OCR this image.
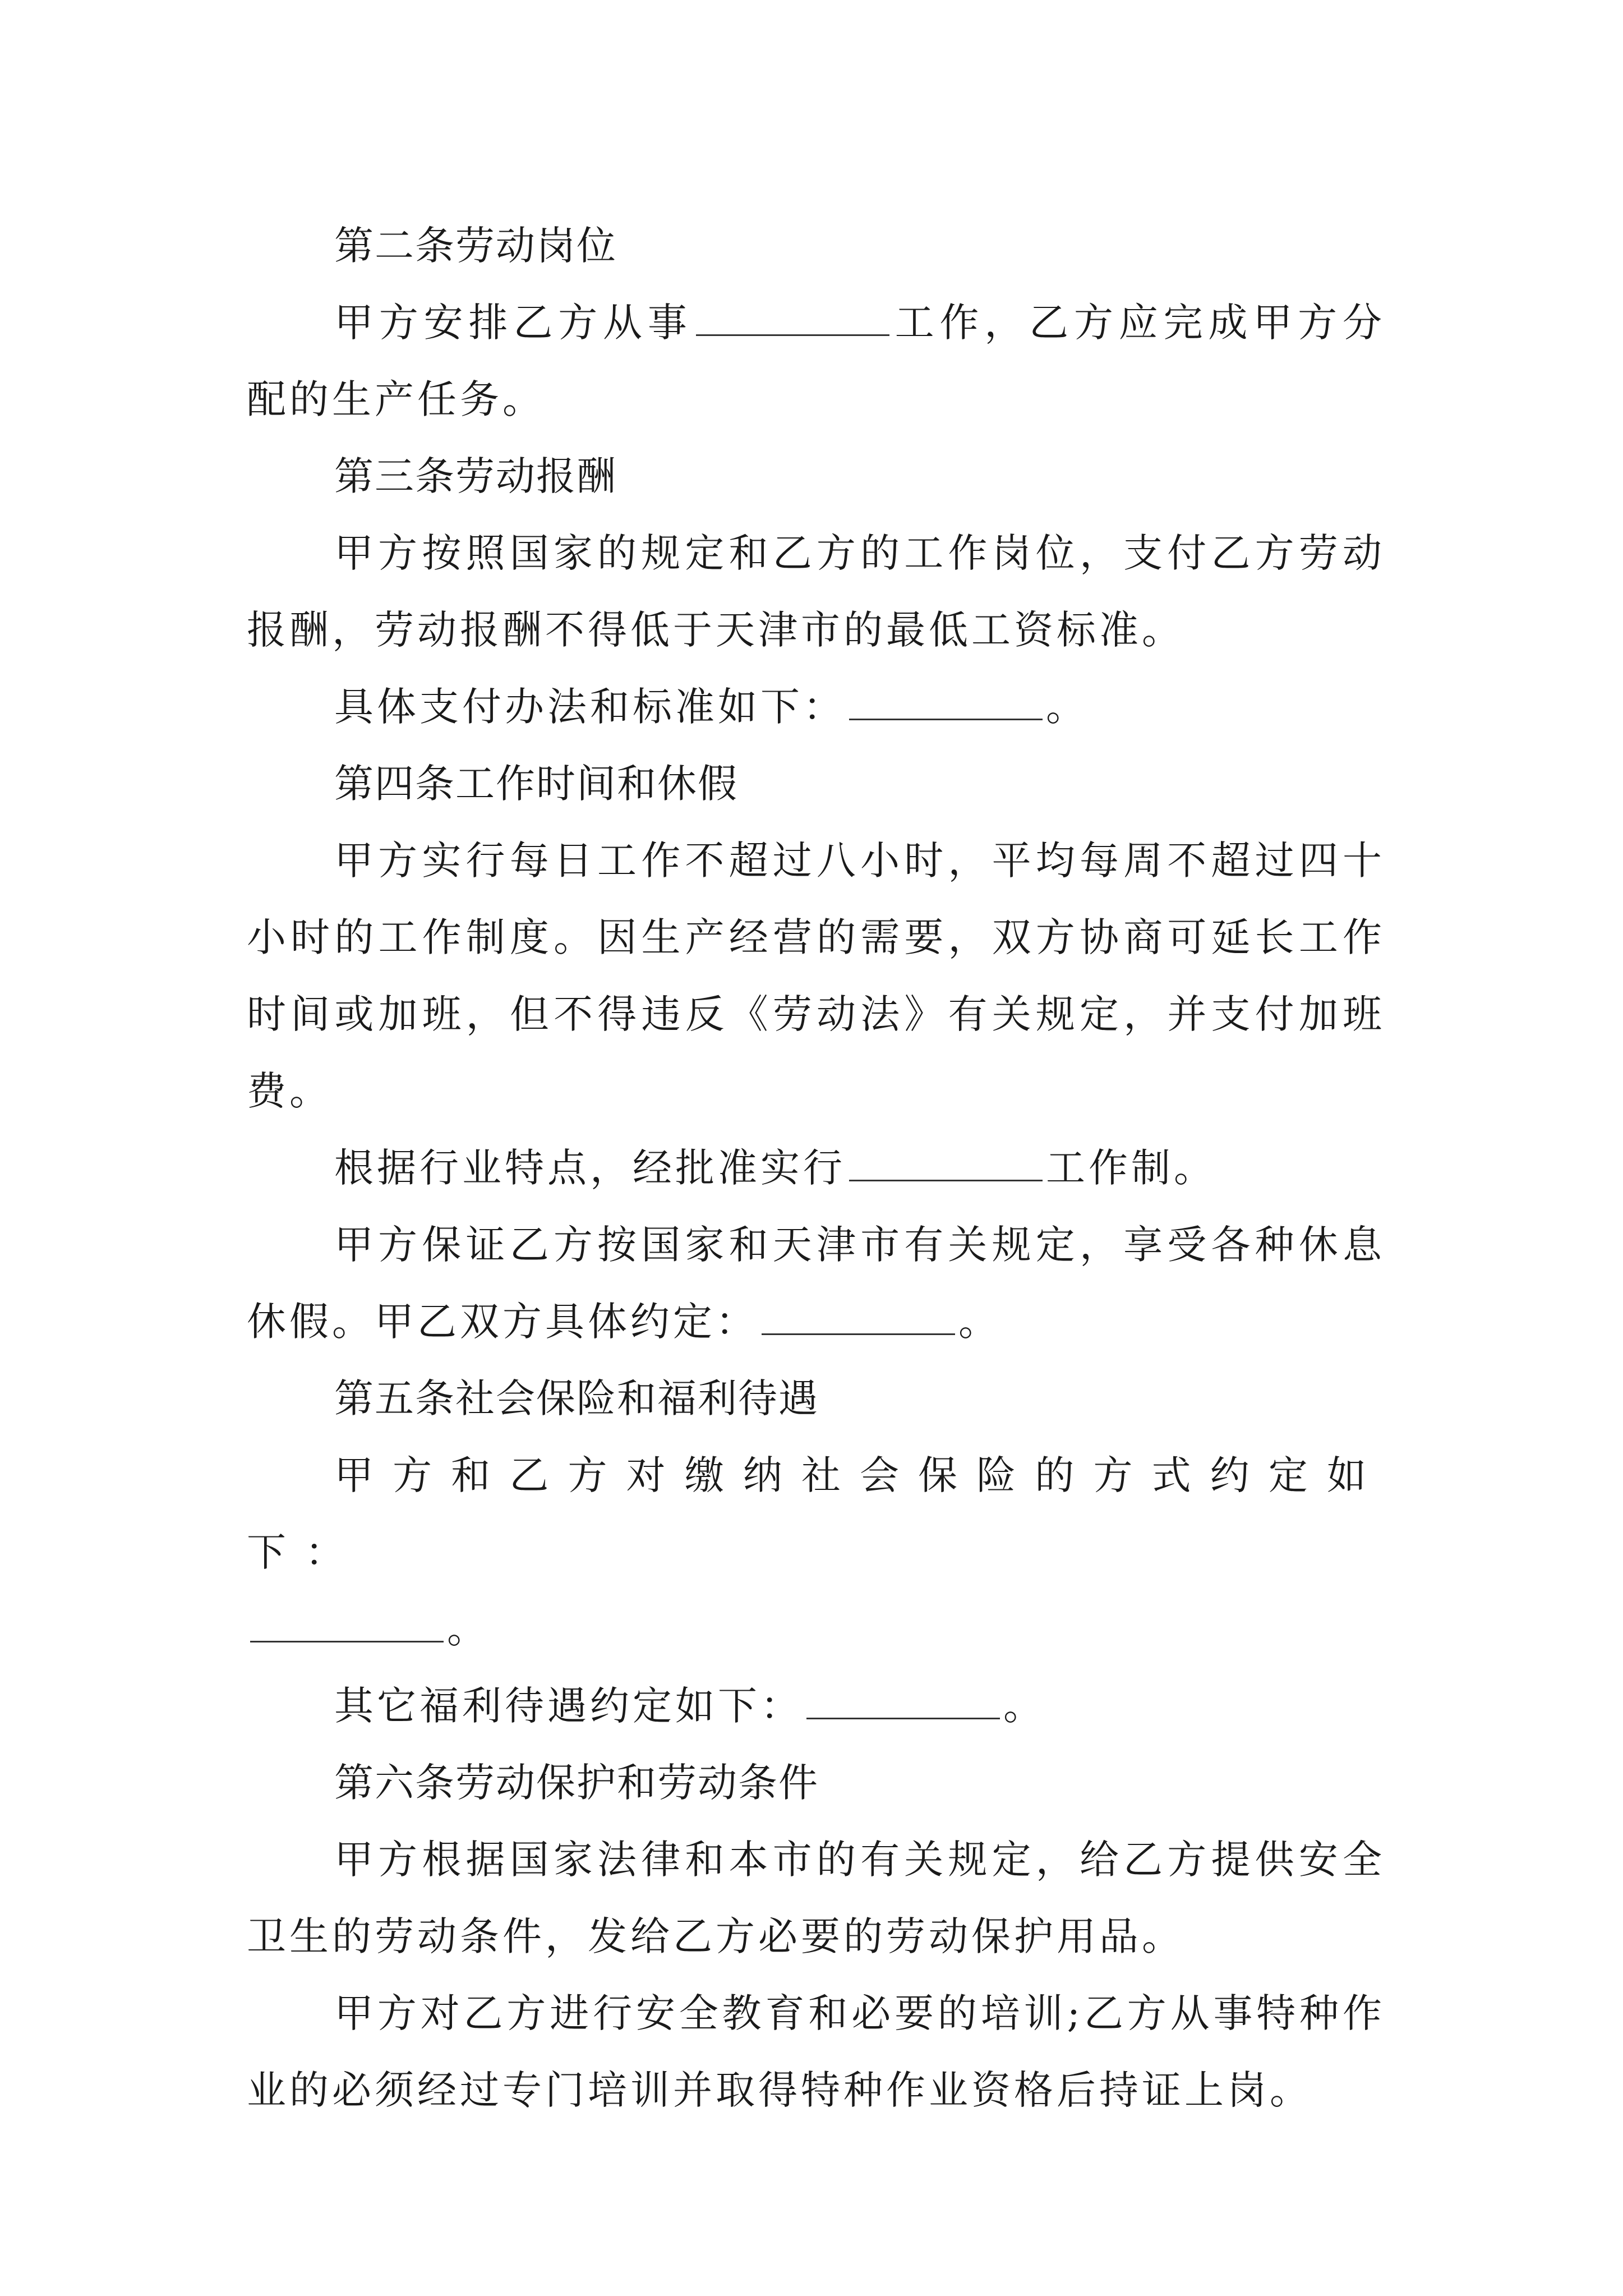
第二条劳动岗位

甲方安排乙方从事	工作，乙方应完成甲方分配的生产任务。

第三条劳动报酬

甲方按照国家的规定和乙方的工作岗位，支付乙方劳动报酬，劳动报酬不得低于天津市的最低工资标准。

具体支付办法和标准如下：	。

第四条工作时间和休假

甲方实行每日工作不超过八小时，平均每周不超过四十小时的工作制度。因生产经营的需要，双方协商可延长工作时间或加班，但不得违反《劳动法》有关规定，并支付加班费。

根据行业特点，经批准实行	工作制。

甲方保证乙方按国家和天津市有关规定，享受各种休息休假。甲乙双方具体约定：	。

第五条社会保险和福利待遇

甲方和乙方对缴纳社会保险的方式约定如下：

。

其它福利待遇约定如下：	。

第六条劳动保护和劳动条件

甲方根据国家法律和本市的有关规定，给乙方提供安全卫生的劳动条件，发给乙方必要的劳动保护用品。

甲方对乙方进行安全教育和必要的培训;乙方从事特种作业的必须经过专门培训并取得特种作业资格后持证上岗。
